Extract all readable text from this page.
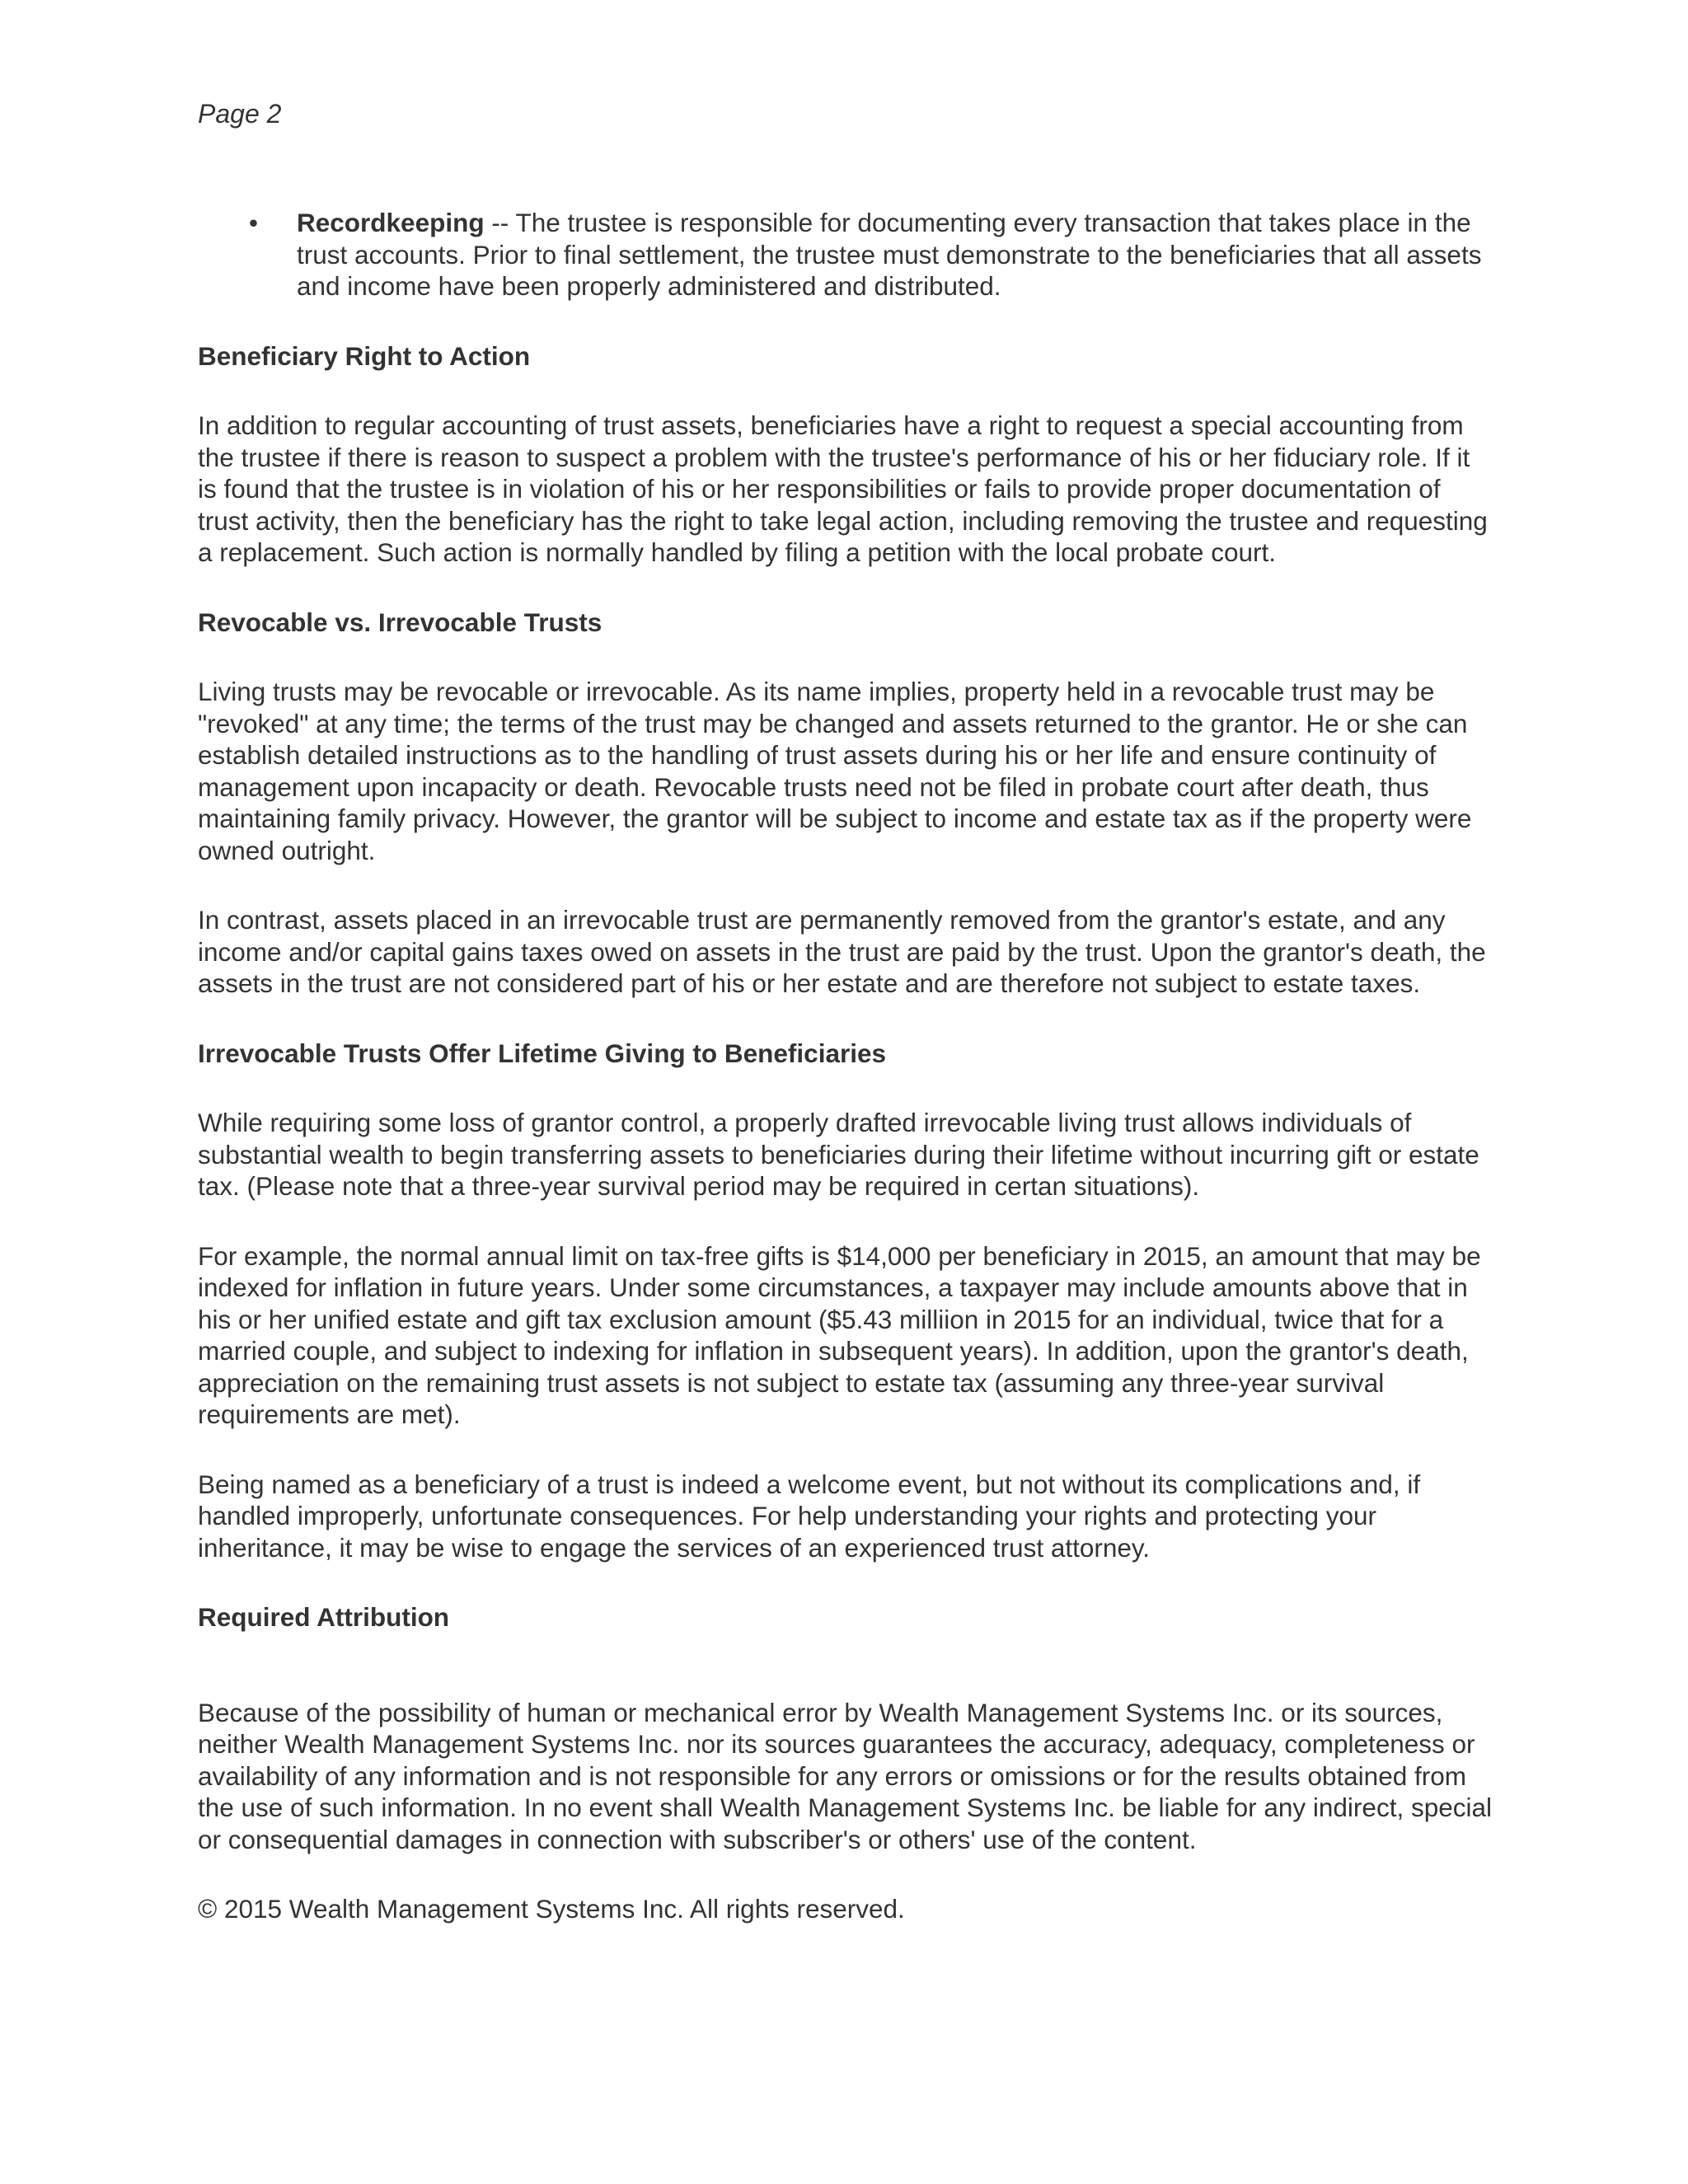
Page 2

• Recordkeeping -- The trustee is responsible for documenting every transaction that takes place in the trust accounts. Prior to final settlement, the trustee must demonstrate to the beneficiaries that all assets and income have been properly administered and distributed.
Beneficiary Right to Action

In addition to regular accounting of trust assets, beneficiaries have a right to request a special accounting from the trustee if there is reason to suspect a problem with the trustee's performance of his or her fiduciary role. If it is found that the trustee is in violation of his or her responsibilities or fails to provide proper documentation of trust activity, then the beneficiary has the right to take legal action, including removing the trustee and requesting a replacement. Such action is normally handled by filing a petition with the local probate court.

Revocable vs. Irrevocable Trusts

Living trusts may be revocable or irrevocable. As its name implies, property held in a revocable trust may be "revoked" at any time; the terms of the trust may be changed and assets returned to the grantor. He or she can establish detailed instructions as to the handling of trust assets during his or her life and ensure continuity of management upon incapacity or death. Revocable trusts need not be filed in probate court after death, thus maintaining family privacy. However, the grantor will be subject to income and estate tax as if the property were owned outright.

In contrast, assets placed in an irrevocable trust are permanently removed from the grantor's estate, and any income and/or capital gains taxes owed on assets in the trust are paid by the trust. Upon the grantor's death, the assets in the trust are not considered part of his or her estate and are therefore not subject to estate taxes.

Irrevocable Trusts Offer Lifetime Giving to Beneficiaries

While requiring some loss of grantor control, a properly drafted irrevocable living trust allows individuals of substantial wealth to begin transferring assets to beneficiaries during their lifetime without incurring gift or estate tax. (Please note that a three-year survival period may be required in certan situations).

For example, the normal annual limit on tax-free gifts is $14,000 per beneficiary in 2015, an amount that may be indexed for inflation in future years. Under some circumstances, a taxpayer may include amounts above that in his or her unified estate and gift tax exclusion amount ($5.43 milliion in 2015 for an individual, twice that for a married couple, and subject to indexing for inflation in subsequent years). In addition, upon the grantor's death, appreciation on the remaining trust assets is not subject to estate tax (assuming any three-year survival requirements are met).

Being named as a beneficiary of a trust is indeed a welcome event, but not without its complications and, if handled improperly, unfortunate consequences. For help understanding your rights and protecting your inheritance, it may be wise to engage the services of an experienced trust attorney.

Required Attribution

Because of the possibility of human or mechanical error by Wealth Management Systems Inc. or its sources, neither Wealth Management Systems Inc. nor its sources guarantees the accuracy, adequacy, completeness or availability of any information and is not responsible for any errors or omissions or for the results obtained from the use of such information. In no event shall Wealth Management Systems Inc. be liable for any indirect, special or consequential damages in connection with subscriber's or others' use of the content.

© 2015 Wealth Management Systems Inc. All rights reserved.
